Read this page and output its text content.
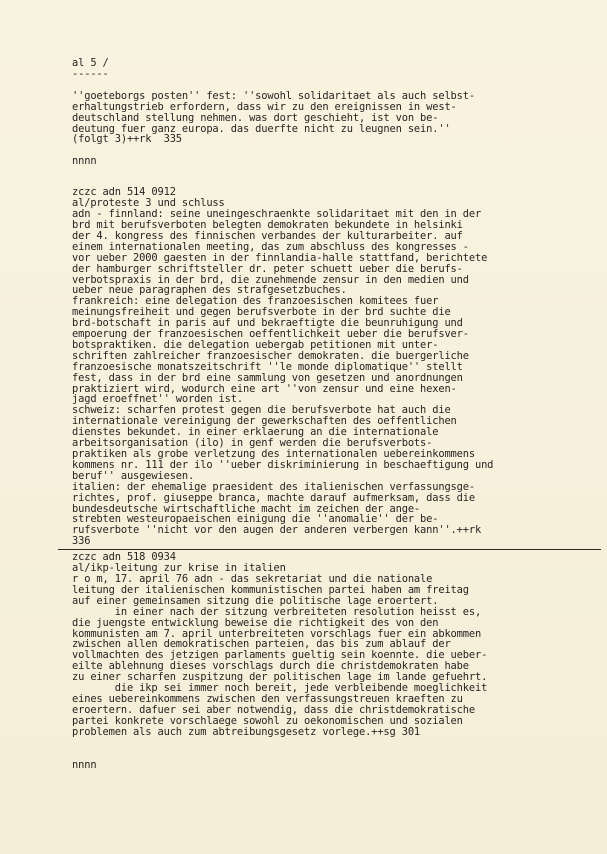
al 5 /
------
''goeteborgs posten'' fest: ''sowohl solidaritaet als auch selbst-
erhaltungstrieb erfordern, dass wir zu den ereignissen in west-
deutschland stellung nehmen. was dort geschieht, ist von be-
deutung fuer ganz europa. das duerfte nicht zu leugnen sein.''
(folgt 3)++rk  335
nnnn
zczc adn 514 0912
al/proteste 3 und schluss
adn - finnland: seine uneingeschraenkte solidaritaet mit den in der
brd mit berufsverboten belegten demokraten bekundete in helsinki
der 4. kongress des finnischen verbandes der kulturarbeiter. auf
einem internationalen meeting, das zum abschluss des kongresses -
vor ueber 2000 gaesten in der finnlandia-halle stattfand, berichtete
der hamburger schriftsteller dr. peter schuett ueber die berufs-
verbotspraxis in der brd, die zunehmende zensur in den medien und
ueber neue paragraphen des strafgesetzbuches.
frankreich: eine delegation des franzoesischen komitees fuer
meinungsfreiheit und gegen berufsverbote in der brd suchte die
brd-botschaft in paris auf und bekraeftigte die beunruhigung und
empoerung der franzoesischen oeffentlichkeit ueber die berufsver-
botspraktiken. die delegation uebergab petitionen mit unter-
schriften zahlreicher franzoesischer demokraten. die buergerliche
franzoesische monatszeitschrift ''le monde diplomatique'' stellt
fest, dass in der brd eine sammlung von gesetzen und anordnungen
praktiziert wird, wodurch eine art ''von zensur und eine hexen-
jagd eroeffnet'' worden ist.
schweiz: scharfen protest gegen die berufsverbote hat auch die
internationale vereinigung der gewerkschaften des oeffentlichen
dienstes bekundet. in einer erklaerung an die internationale
arbeitsorganisation (ilo) in genf werden die berufsverbots-
praktiken als grobe verletzung des internationalen uebereinkommens
kommens nr. 111 der ilo ''ueber diskriminierung in beschaeftigung und
beruf'' ausgewiesen.
italien: der ehemalige praesident des italienischen verfassungsge-
richtes, prof. giuseppe branca, machte darauf aufmerksam, dass die
bundesdeutsche wirtschaftliche macht im zeichen der ange-
strebten westeuropaeischen einigung die ''anomalie'' der be-
rufsverbote ''nicht vor den augen der anderen verbergen kann''.++rk
336
zczc adn 518 0934
al/ikp-leitung zur krise in italien
r o m, 17. april 76 adn - das sekretariat und die nationale
leitung der italienischen kommunistischen partei haben am freitag
auf einer gemeinsamen sitzung die politische lage eroertert.
in einer nach der sitzung verbreiteten resolution heisst es,
die juengste entwicklung beweise die richtigkeit des von den
kommunisten am 7. april unterbreiteten vorschlags fuer ein abkommen
zwischen allen demokratischen parteien, das bis zum ablauf der
vollmachten des jetzigen parlaments gueltig sein koennte. die ueber-
eilte ablehnung dieses vorschlags durch die christdemokraten habe
zu einer scharfen zuspitzung der politischen lage im lande gefuehrt.
die ikp sei immer noch bereit, jede verbleibende moeglichkeit
eines uebereinkommens zwischen den verfassungstreuen kraeften zu
eroertern. dafuer sei aber notwendig, dass die christdemokratische
partei konkrete vorschlaege sowohl zu oekonomischen und sozialen
problemen als auch zum abtreibungsgesetz vorlege.++sg 301
nnnn
